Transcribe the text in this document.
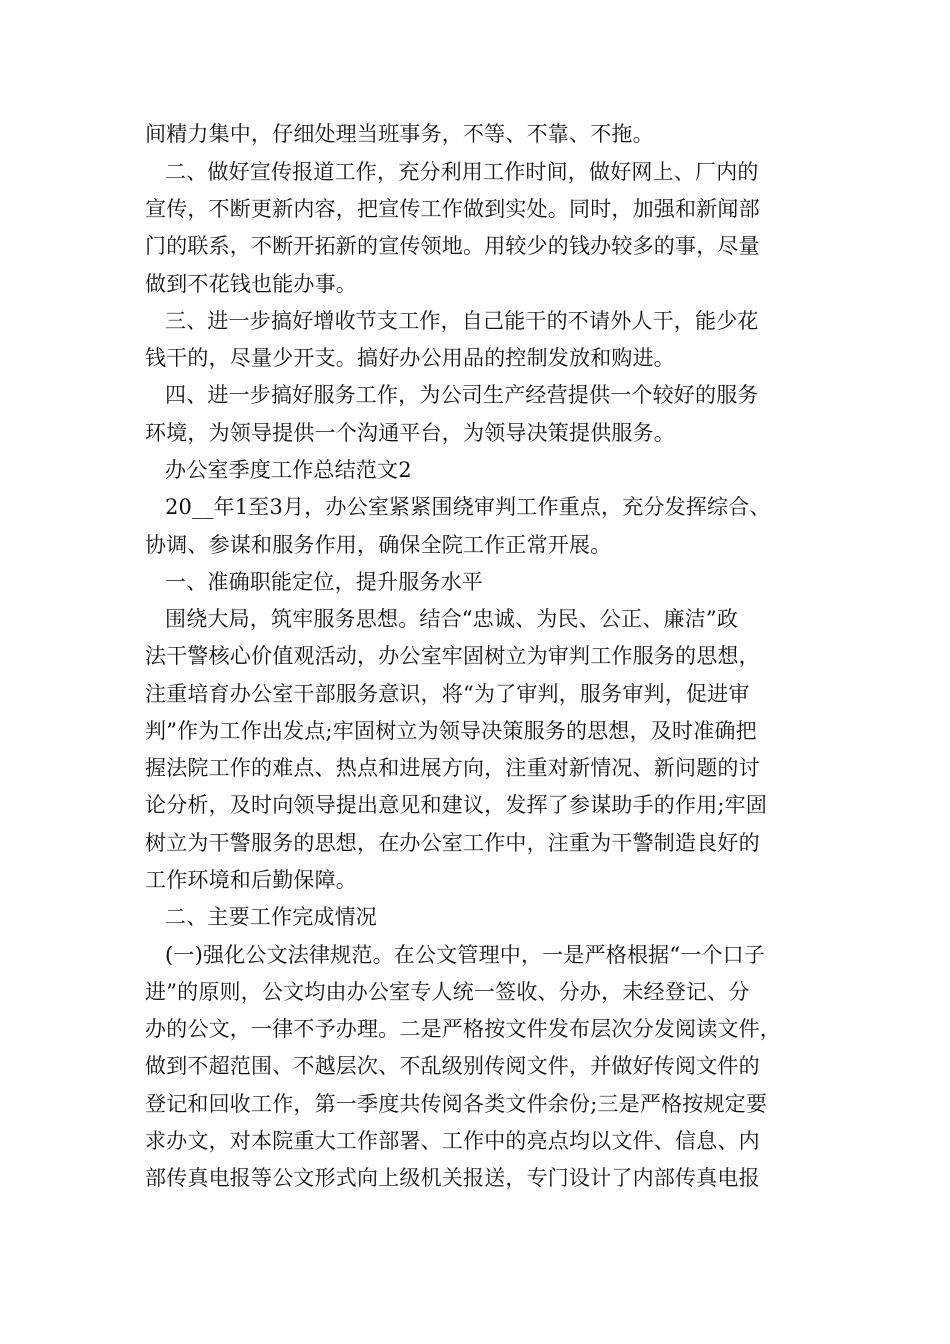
间精力集中，仔细处理当班事务，不等、不靠、不拖。
二、做好宣传报道工作，充分利用工作时间，做好网上、厂内的
宣传，不断更新内容，把宣传工作做到实处。同时，加强和新闻部
门的联系，不断开拓新的宣传领地。用较少的钱办较多的事，尽量
做到不花钱也能办事。
三、进一步搞好增收节支工作，自己能干的不请外人干，能少花
钱干的，尽量少开支。搞好办公用品的控制发放和购进。
四、进一步搞好服务工作，为公司生产经营提供一个较好的服务
环境，为领导提供一个沟通平台，为领导决策提供服务。
办公室季度工作总结范文2
20__年1至3月，办公室紧紧围绕审判工作重点，充分发挥综合、
协调、参谋和服务作用，确保全院工作正常开展。
一、准确职能定位，提升服务水平
围绕大局，筑牢服务思想。结合“忠诚、为民、公正、廉洁”政
法干警核心价值观活动，办公室牢固树立为审判工作服务的思想，
注重培育办公室干部服务意识，将“为了审判，服务审判，促进审
判”作为工作出发点;牢固树立为领导决策服务的思想，及时准确把
握法院工作的难点、热点和进展方向，注重对新情况、新问题的讨
论分析，及时向领导提出意见和建议，发挥了参谋助手的作用;牢固
树立为干警服务的思想，在办公室工作中，注重为干警制造良好的
工作环境和后勤保障。
二、主要工作完成情况
(一)强化公文法律规范。在公文管理中，一是严格根据“一个口子
进”的原则，公文均由办公室专人统一签收、分办，未经登记、分
办的公文，一律不予办理。二是严格按文件发布层次分发阅读文件，
做到不超范围、不越层次、不乱级别传阅文件，并做好传阅文件的
登记和回收工作，第一季度共传阅各类文件余份;三是严格按规定要
求办文，对本院重大工作部署、工作中的亮点均以文件、信息、内
部传真电报等公文形式向上级机关报送，专门设计了内部传真电报
